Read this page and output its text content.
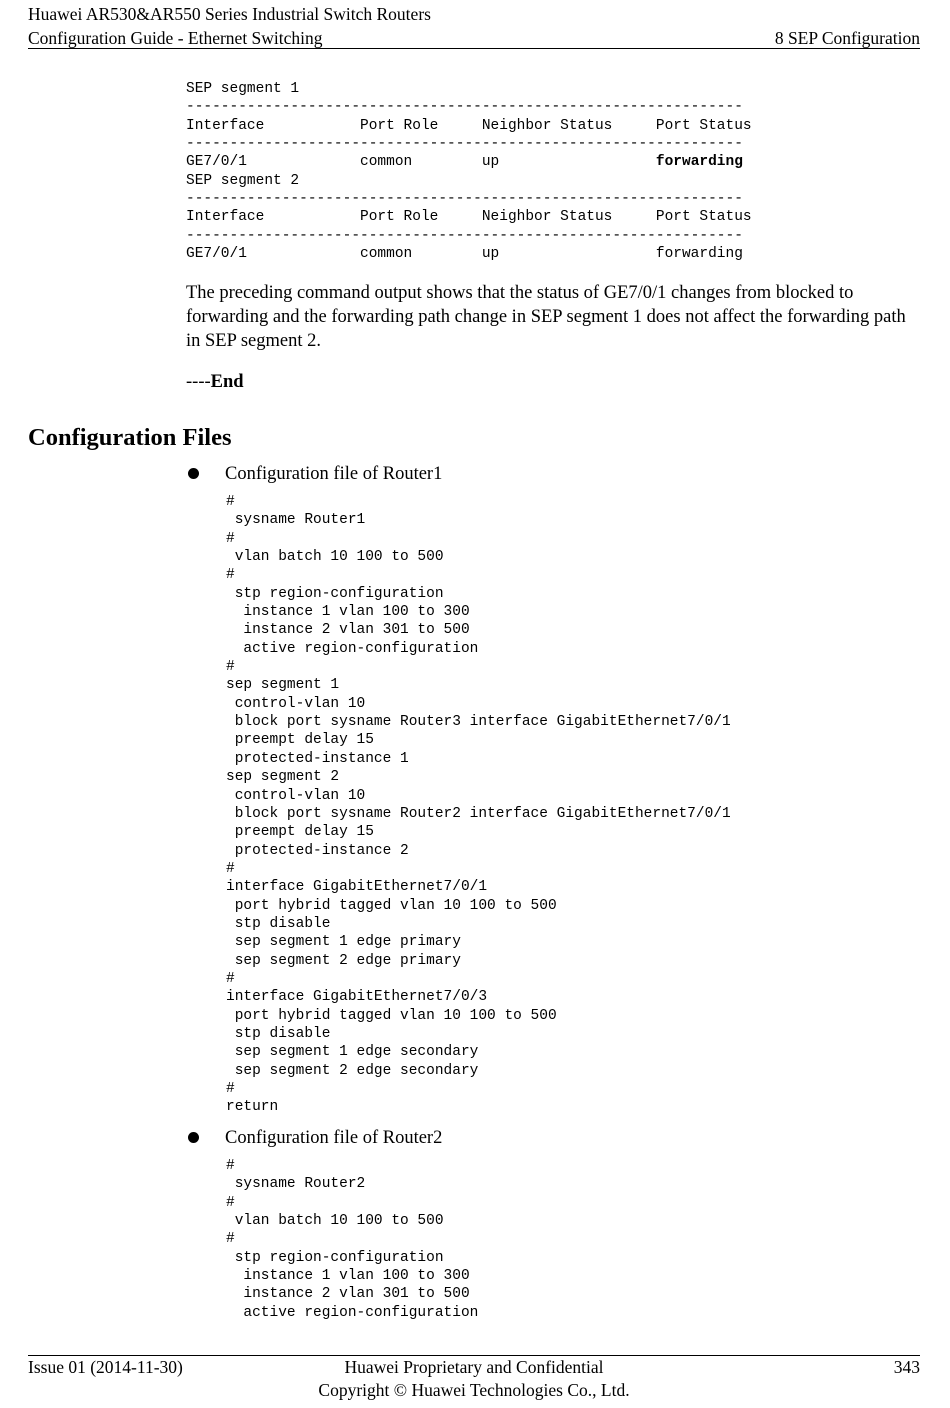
Huawei AR530&AR550 Series Industrial Switch Routers
Configuration Guide - Ethernet Switching	8 SEP Configuration
SEP segment 1
----------------------------------------------------------------
Interface           Port Role     Neighbor Status     Port Status
----------------------------------------------------------------
GE7/0/1             common        up                  forwarding
SEP segment 2
----------------------------------------------------------------
Interface           Port Role     Neighbor Status     Port Status
----------------------------------------------------------------
GE7/0/1             common        up                  forwarding

The preceding command output shows that the status of GE7/0/1 changes from blocked to forwarding and the forwarding path change in SEP segment 1 does not affect the forwarding path in SEP segment 2.

----End
Configuration Files
Configuration file of Router1
#
sysname Router1
#
vlan batch 10 100 to 500
#
stp region-configuration
instance 1 vlan 100 to 300
instance 2 vlan 301 to 500
active region-configuration
#
sep segment 1
control-vlan 10
block port sysname Router3 interface GigabitEthernet7/0/1
preempt delay 15
protected-instance 1
sep segment 2
control-vlan 10
block port sysname Router2 interface GigabitEthernet7/0/1
preempt delay 15
protected-instance 2
#
interface GigabitEthernet7/0/1
port hybrid tagged vlan 10 100 to 500
stp disable
sep segment 1 edge primary
sep segment 2 edge primary
#
interface GigabitEthernet7/0/3
port hybrid tagged vlan 10 100 to 500
stp disable
sep segment 1 edge secondary
sep segment 2 edge secondary
#
return
Configuration file of Router2
#
sysname Router2
#
vlan batch 10 100 to 500
#
stp region-configuration
instance 1 vlan 100 to 300
instance 2 vlan 301 to 500
active region-configuration
Issue 01 (2014-11-30)	Huawei Proprietary and Confidential
Copyright © Huawei Technologies Co., Ltd.
343
